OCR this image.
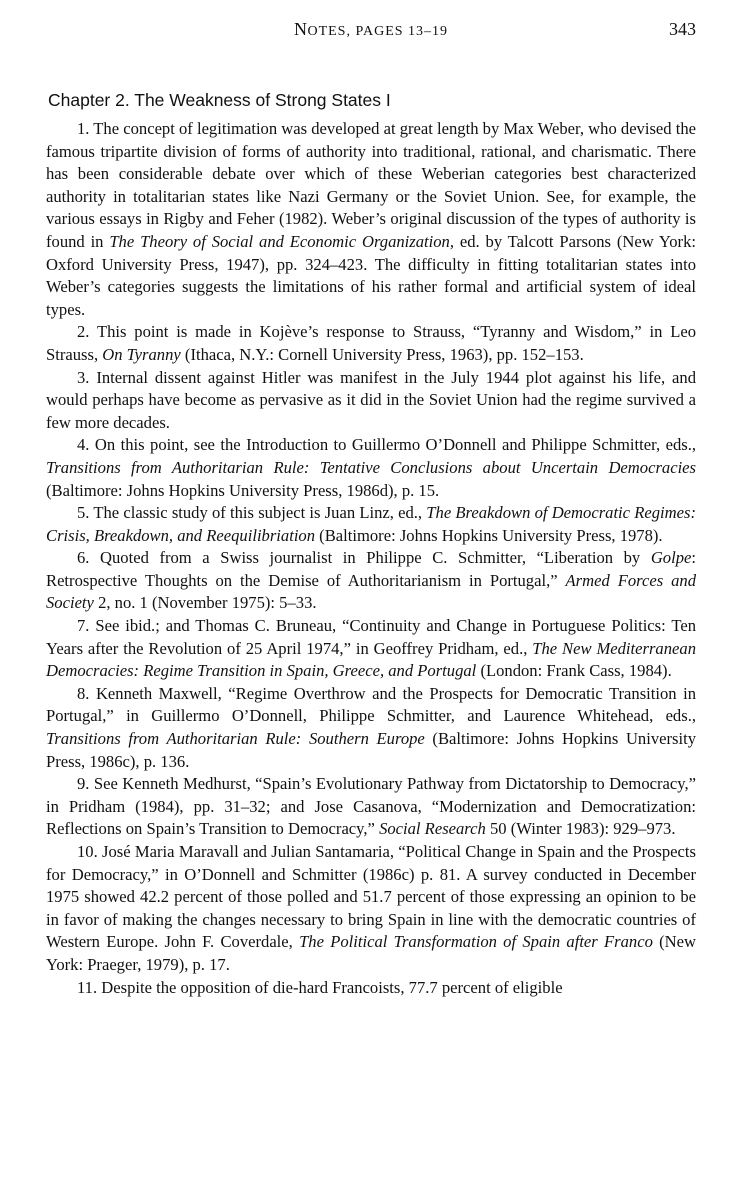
NOTES, PAGES 13–19	343
Chapter 2. The Weakness of Strong States I

1. The concept of legitimation was developed at great length by Max Weber, who devised the famous tripartite division of forms of authority into traditional, rational, and charismatic. There has been considerable debate over which of these Weberian categories best characterized authority in totalitarian states like Nazi Germany or the Soviet Union. See, for example, the various essays in Rigby and Feher (1982). Weber’s original discussion of the types of authority is found in The Theory of Social and Economic Organization, ed. by Talcott Parsons (New York: Oxford University Press, 1947), pp. 324–423. The difficulty in fitting totalitarian states into Weber’s categories suggests the limitations of his rather formal and artificial system of ideal types.

2. This point is made in Kojève’s response to Strauss, “Tyranny and Wisdom,” in Leo Strauss, On Tyranny (Ithaca, N.Y.: Cornell University Press, 1963), pp. 152–153.

3. Internal dissent against Hitler was manifest in the July 1944 plot against his life, and would perhaps have become as pervasive as it did in the Soviet Union had the regime survived a few more decades.

4. On this point, see the Introduction to Guillermo O’Donnell and Philippe Schmitter, eds., Transitions from Authoritarian Rule: Tentative Conclusions about Uncertain Democracies (Baltimore: Johns Hopkins University Press, 1986d), p. 15.

5. The classic study of this subject is Juan Linz, ed., The Breakdown of Democratic Regimes: Crisis, Breakdown, and Reequilibriation (Baltimore: Johns Hopkins University Press, 1978).

6. Quoted from a Swiss journalist in Philippe C. Schmitter, “Liberation by Golpe: Retrospective Thoughts on the Demise of Authoritarianism in Portugal,” Armed Forces and Society 2, no. 1 (November 1975): 5–33.

7. See ibid.; and Thomas C. Bruneau, “Continuity and Change in Portuguese Politics: Ten Years after the Revolution of 25 April 1974,” in Geoffrey Pridham, ed., The New Mediterranean Democracies: Regime Transition in Spain, Greece, and Portugal (London: Frank Cass, 1984).

8. Kenneth Maxwell, “Regime Overthrow and the Prospects for Democratic Transition in Portugal,” in Guillermo O’Donnell, Philippe Schmitter, and Laurence Whitehead, eds., Transitions from Authoritarian Rule: Southern Europe (Baltimore: Johns Hopkins University Press, 1986c), p. 136.

9. See Kenneth Medhurst, “Spain’s Evolutionary Pathway from Dictatorship to Democracy,” in Pridham (1984), pp. 31–32; and Jose Casanova, “Modernization and Democratization: Reflections on Spain’s Transition to Democracy,” Social Research 50 (Winter 1983): 929–973.

10. José Maria Maravall and Julian Santamaria, “Political Change in Spain and the Prospects for Democracy,” in O’Donnell and Schmitter (1986c) p. 81. A survey conducted in December 1975 showed 42.2 percent of those polled and 51.7 percent of those expressing an opinion to be in favor of making the changes necessary to bring Spain in line with the democratic countries of Western Europe. John F. Coverdale, The Political Transformation of Spain after Franco (New York: Praeger, 1979), p. 17.

11. Despite the opposition of die-hard Francoists, 77.7 percent of eligible
